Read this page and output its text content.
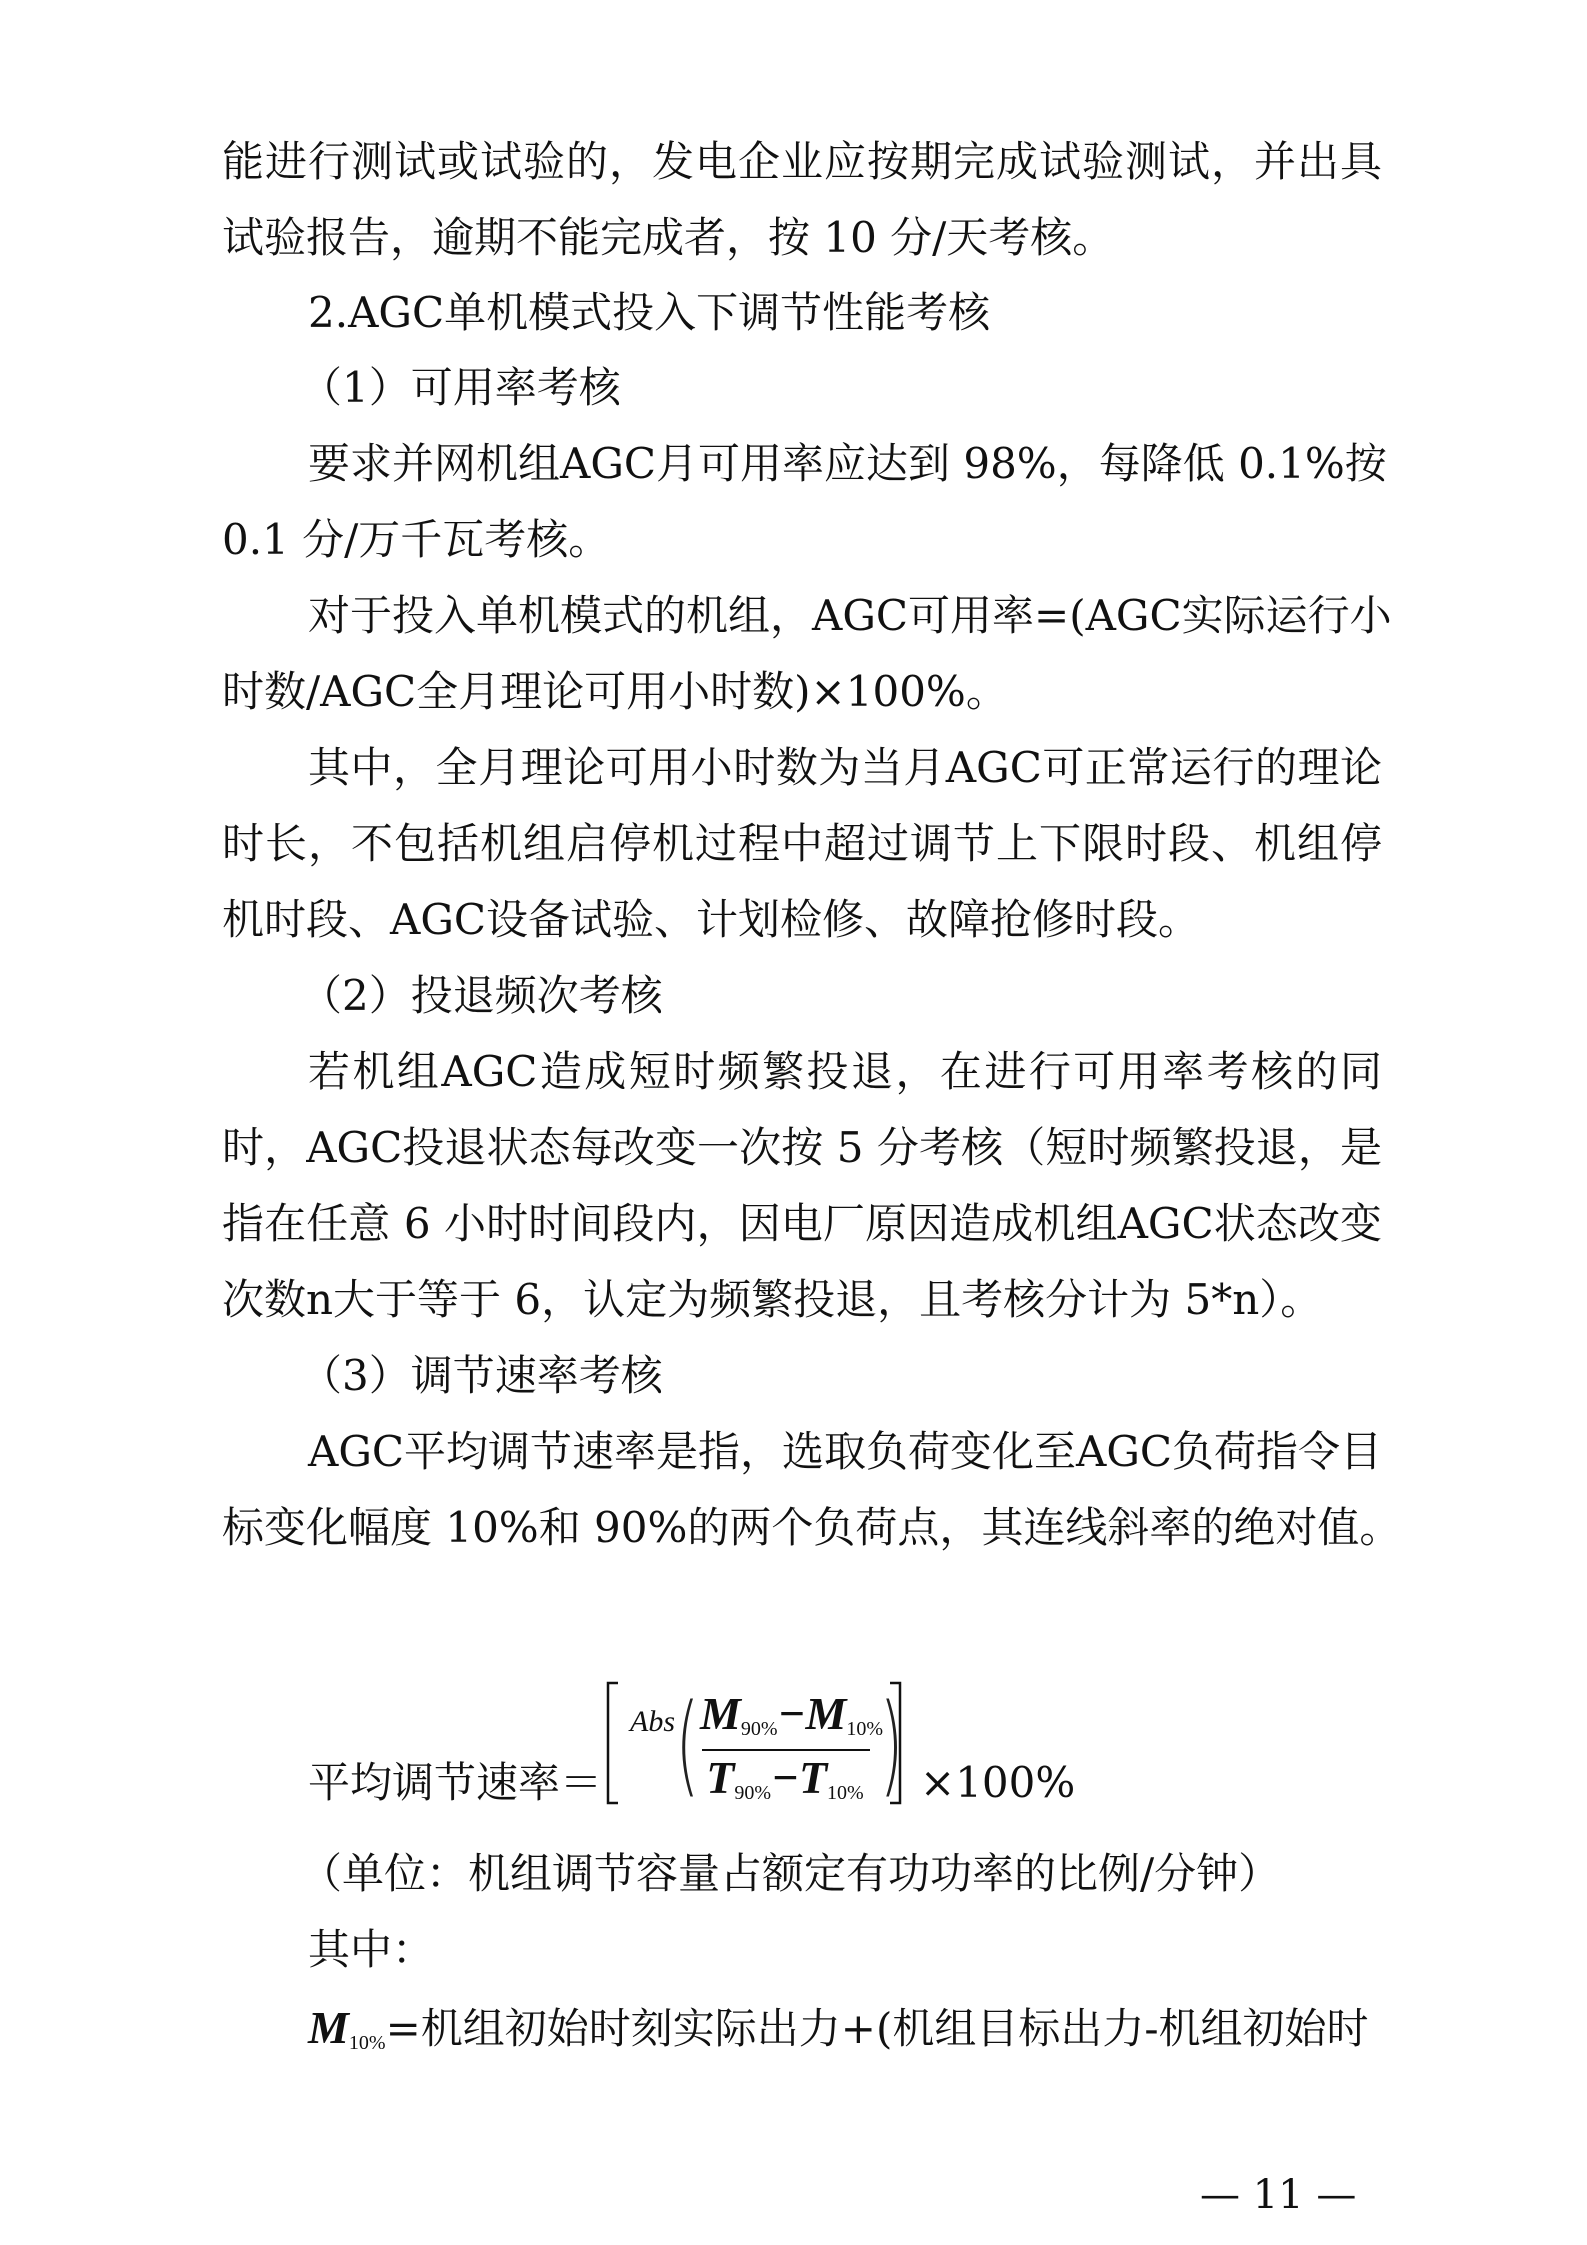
能进行测试或试验的，发电企业应按期完成试验测试，并出具
试验报告，逾期不能完成者，按 10 分/天考核。
2.AGC单机模式投入下调节性能考核
（1）可用率考核
要求并网机组AGC月可用率应达到 98%，每降低 0.1%按
0.1 分/万千瓦考核。
对于投入单机模式的机组，AGC可用率=(AGC实际运行小
时数/AGC全月理论可用小时数)×100%。
其中，全月理论可用小时数为当月AGC可正常运行的理论
时长，不包括机组启停机过程中超过调节上下限时段、机组停
机时段、AGC设备试验、计划检修、故障抢修时段。
（2）投退频次考核
若机组AGC造成短时频繁投退，在进行可用率考核的同
时，AGC投退状态每改变一次按 5 分考核（短时频繁投退，是
指在任意 6 小时时间段内，因电厂原因造成机组AGC状态改变
次数n大于等于 6，认定为频繁投退，且考核分计为 5*n）。
（3）调节速率考核
AGC平均调节速率是指，选取负荷变化至AGC负荷指令目
标变化幅度 10%和 90%的两个负荷点，其连线斜率的绝对值。
平均调节速率＝
Abs ( )
$M_{90\%}-M_{10\%}$
$T_{90\%}-T_{10\%} \times 100\%$
（单位：机组调节容量占额定有功功率的比例/分钟）
其中：
$M_{10\%}=$机组初始时刻实际出力+(机组目标出力-机组初始时
— 11 —
